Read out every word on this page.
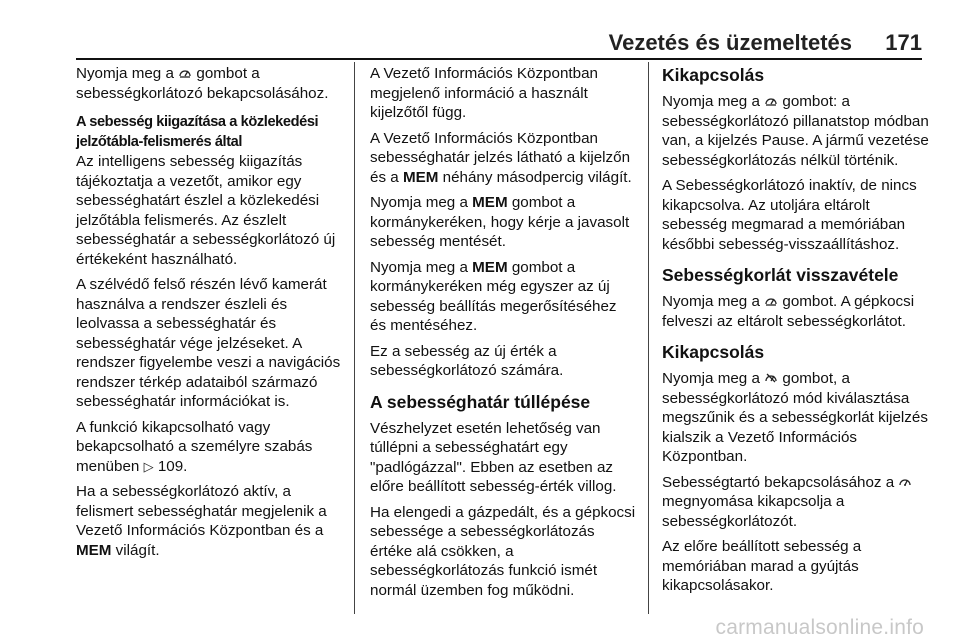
Vezetés és üzemeltetés 171

Nyomja meg a gombot a sebességkorlátozó bekapcsolásához.

A sebesség kiigazítása a közlekedési jelzőtábla-felismerés által

Az intelligens sebesség kiigazítás tájékoztatja a vezetőt, amikor egy sebességhatárt észlel a közlekedési jelzőtábla felismerés. Az észlelt sebességhatár a sebességkorlátozó új értékeként használható.

A szélvédő felső részén lévő kamerát használva a rendszer észleli és leolvassa a sebességhatár és sebességhatár vége jelzéseket. A rendszer figyelembe veszi a navigációs rendszer térkép adataiból származó sebességhatár információkat is.

A funkció kikapcsolható vagy bekapcsolható a személyre szabás menüben ▷ 109.

Ha a sebességkorlátozó aktív, a felismert sebességhatár megjelenik a Vezető Információs Központban és a MEM világít.

A Vezető Információs Központban megjelenő információ a használt kijelzőtől függ.

A Vezető Információs Központban sebességhatár jelzés látható a kijelzőn és a MEM néhány másodpercig világít.

Nyomja meg a MEM gombot a kormánykeréken, hogy kérje a javasolt sebesség mentését.

Nyomja meg a MEM gombot a kormánykeréken még egyszer az új sebesség beállítás megerősítéséhez és mentéséhez.

Ez a sebesség az új érték a sebességkorlátozó számára.

A sebességhatár túllépése

Vészhelyzet esetén lehetőség van túllépni a sebességhatárt egy "padlógázzal". Ebben az esetben az előre beállított sebesség-érték villog.

Ha elengedi a gázpedált, és a gépkocsi sebessége a sebességkorlátozás értéke alá csökken, a sebességkorlátozás funkció ismét normál üzemben fog működni.

Kikapcsolás

Nyomja meg a gombot: a sebességkorlátozó pillanatstop módban van, a kijelzés Pause. A jármű vezetése sebességkorlátozás nélkül történik.

A Sebességkorlátozó inaktív, de nincs kikapcsolva. Az utoljára eltárolt sebesség megmarad a memóriában későbbi sebesség-visszaállításhoz.

Sebességkorlát visszavétele

Nyomja meg a gombot. A gépkocsi felveszi az eltárolt sebességkorlátot.

Kikapcsolás

Nyomja meg a gombot, a sebességkorlátozó mód kiválasztása megszűnik és a sebességkorlát kijelzés kialszik a Vezető Információs Központban.

Sebességtartó bekapcsolásához a  megnyomása kikapcsolja a sebességkorlátozót.

Az előre beállított sebesség a memóriában marad a gyújtás kikapcsolásakor.

carmanualsonline.info
